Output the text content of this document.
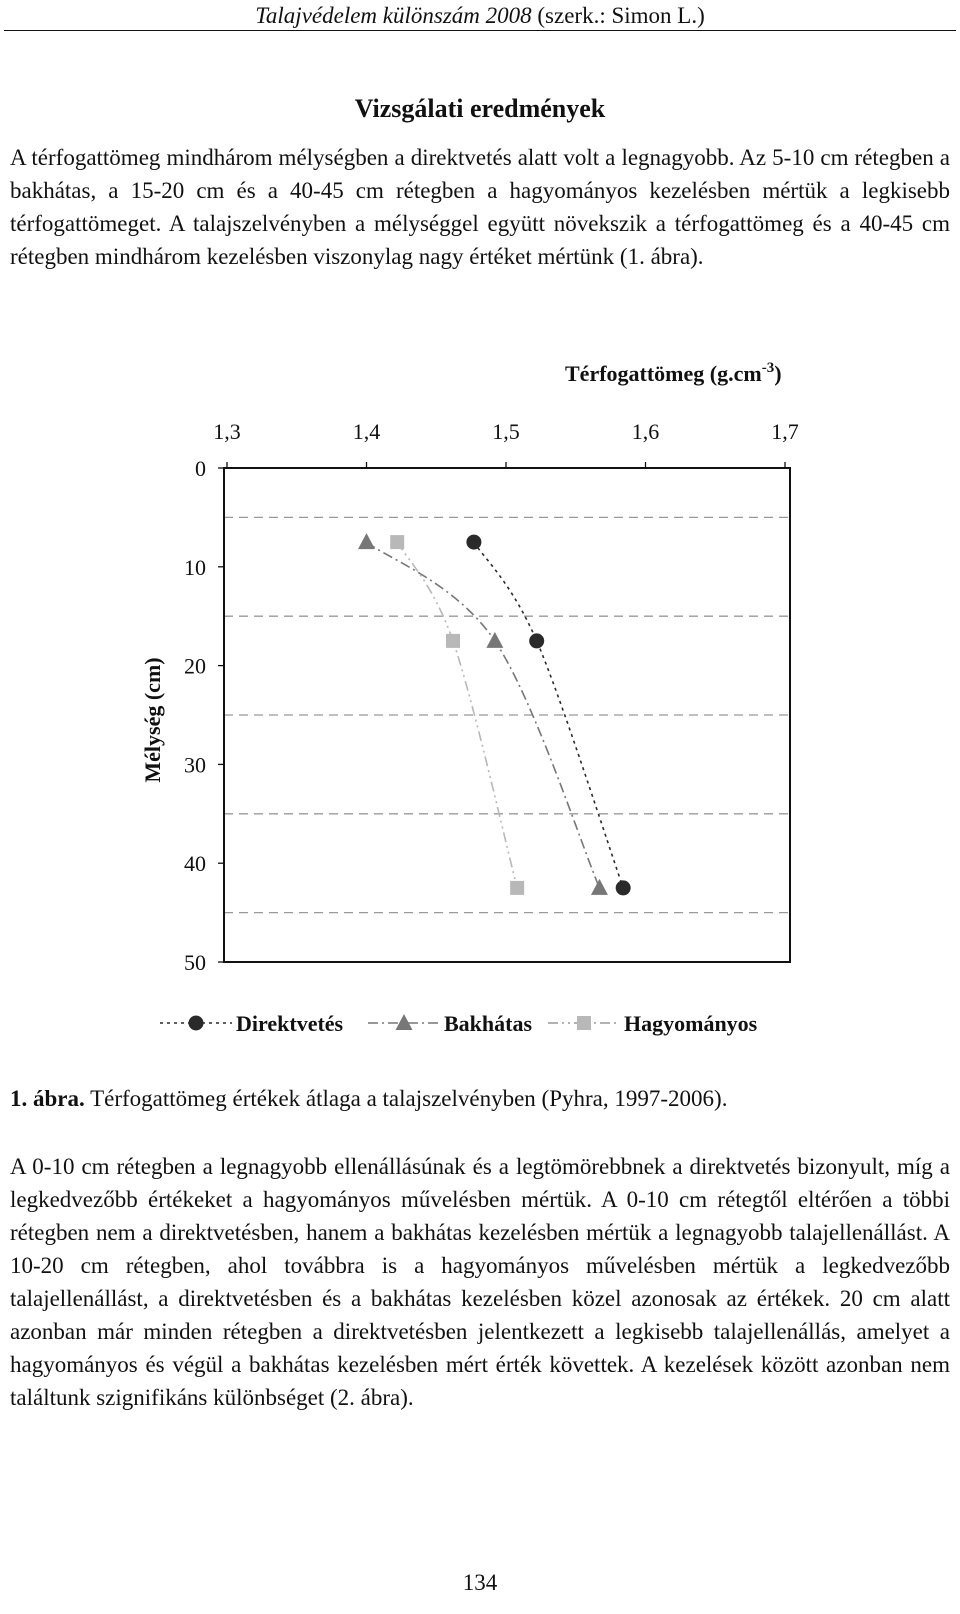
Talajvédelem különszám 2008 (szerk.: Simon L.)
Vizsgálati eredmények

A térfogattömeg mindhárom mélységben a direktvetés alatt volt a legnagyobb. Az 5-10 cm rétegben a bakhátas, a 15-20 cm és a 40-45 cm rétegben a hagyományos kezelésben mértük a legkisebb térfogattömeget. A talajszelvényben a mélységgel együtt növekszik a térfogattömeg és a 40-45 cm rétegben mindhárom kezelésben viszonylag nagy értéket mértünk (1. ábra).

1,3	1,4	1,5	1,6	1,7
0
10
20
30
40
50
Térfogattömeg $(g.cm^{-3})$
Mélység (cm)
Direktvetés	Bakhátas	Hagyományos
1. ábra. Térfogattömeg értékek átlaga a talajszelvényben (Pyhra, 1997-2006).

A 0-10 cm rétegben a legnagyobb ellenállásúnak és a legtömörebbnek a direktvetés bizonyult, míg a legkedvezőbb értékeket a hagyományos művelésben mértük. A 0-10 cm rétegtől eltérően a többi rétegben nem a direktvetésben, hanem a bakhátas kezelésben mértük a legnagyobb talajellenállást. A 10-20 cm rétegben, ahol továbbra is a hagyományos művelésben mértük a legkedvezőbb talajellenállást, a direktvetésben és a bakhátas kezelésben közel azonosak az értékek. 20 cm alatt azonban már minden rétegben a direktvetésben jelentkezett a legkisebb talajellenállás, amelyet a hagyományos és végül a bakhátas kezelésben mért érték követtek. A kezelések között azonban nem találtunk szignifikáns különbséget (2. ábra).

134
